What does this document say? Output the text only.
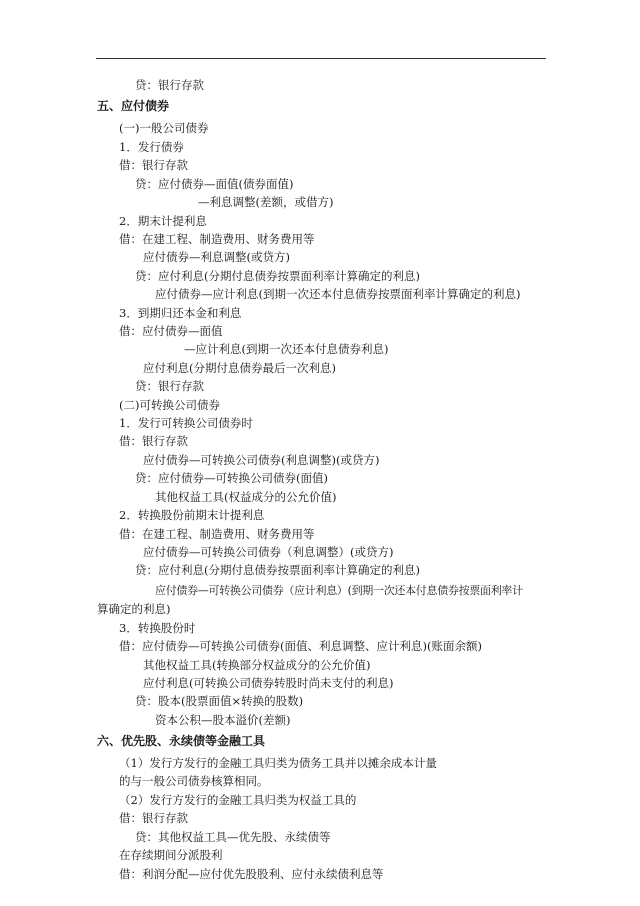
贷：银行存款
五、应付债券
(一)一般公司债券
1．发行债券
借：银行存款
贷：应付债券—面值(债券面值)
—利息调整(差额，或借方)
2．期末计提利息
借：在建工程、制造费用、财务费用等
应付债券—利息调整(或贷方)
贷：应付利息(分期付息债券按票面利率计算确定的利息)
应付债券—应计利息(到期一次还本付息债券按票面利率计算确定的利息)
3．到期归还本金和利息
借：应付债券—面值
—应计利息(到期一次还本付息债券利息)
应付利息(分期付息债券最后一次利息)
贷：银行存款
(二)可转换公司债券
1．发行可转换公司债券时
借：银行存款
应付债券—可转换公司债券(利息调整)(或贷方)
贷：应付债券—可转换公司债券(面值)
其他权益工具(权益成分的公允价值)
2．转换股份前期末计提利息
借：在建工程、制造费用、财务费用等
应付债券—可转换公司债券（利息调整）(或贷方)
贷：应付利息(分期付息债券按票面利率计算确定的利息)
应付债券—可转换公司债券（应计利息）(到期一次还本付息债券按票面利率计
算确定的利息)
3．转换股份时
借：应付债券—可转换公司债券(面值、利息调整、应计利息)(账面余额)
其他权益工具(转换部分权益成分的公允价值)
应付利息(可转换公司债券转股时尚未支付的利息)
贷：股本(股票面值×转换的股数)
资本公积—股本溢价(差额)
六、优先股、永续债等金融工具
（1）发行方发行的金融工具归类为债务工具并以摊余成本计量
的与一般公司债券核算相同。
（2）发行方发行的金融工具归类为权益工具的
借：银行存款
贷：其他权益工具—优先股、永续债等
在存续期间分派股利
借：利润分配—应付优先股股利、应付永续债利息等
